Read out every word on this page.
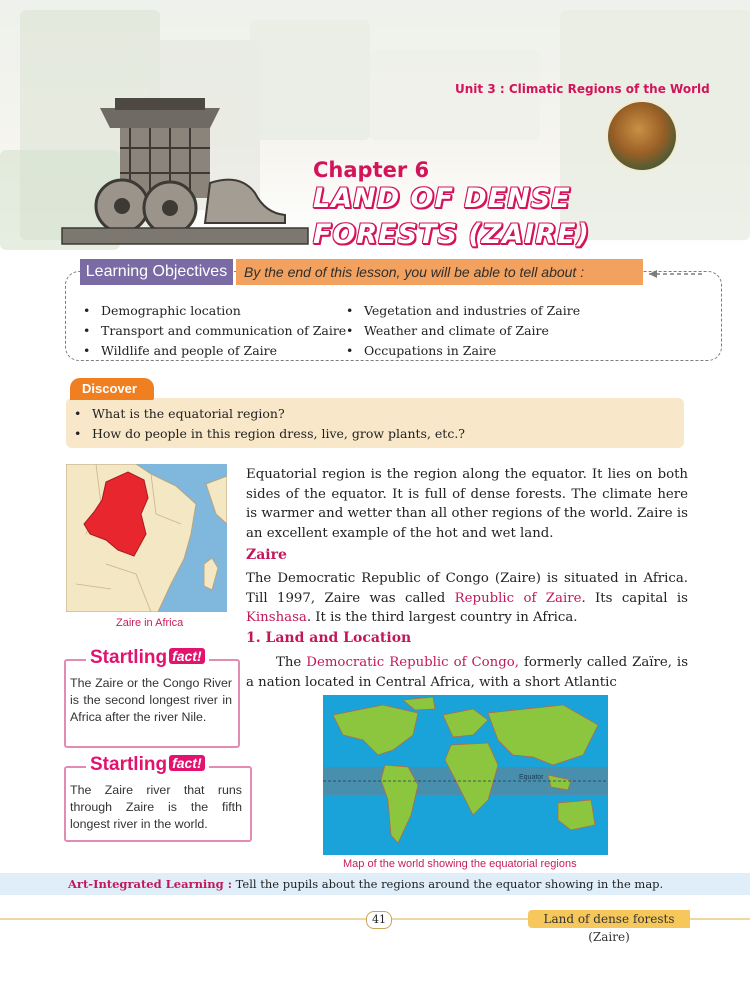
Unit 3 : Climatic Regions of the World
Chapter 6
LAND OF DENSE
FORESTS (ZAIRE)
Learning Objectives	By the end of this lesson, you will be able to tell about :
• Demographic location
• Transport and communication of Zaire
• Wildlife and people of Zaire
• Vegetation and industries of Zaire
• Weather and climate of Zaire
• Occupations in Zaire
Discover
• What is the equatorial region?
• How do people in this region dress, live, grow plants, etc.?
Zaire in Africa
Startling fact!
The Zaire or the Congo River is the second longest river in Africa after the river Nile.
Startling fact!
The Zaire river that runs through Zaire is the fifth longest river in the world.
Equatorial region is the region along the equator. It lies on both sides of the equator. It is full of dense forests. The climate here is warmer and wetter than all other regions of the world. Zaire is an excellent example of the hot and wet land.
Zaire
The Democratic Republic of Congo (Zaire) is situated in Africa. Till 1997, Zaire was called Republic of Zaire. Its capital is Kinshasa. It is the third largest country in Africa.
1. Land and Location
The Democratic Republic of Congo, formerly called Zaïre, is a nation located in Central Africa, with a short Atlantic
Equator
Map of the world showing the equatorial regions
Art-Integrated Learning : Tell the pupils about the regions around the equator showing in the map.
41	Land of dense forests (Zaire)
